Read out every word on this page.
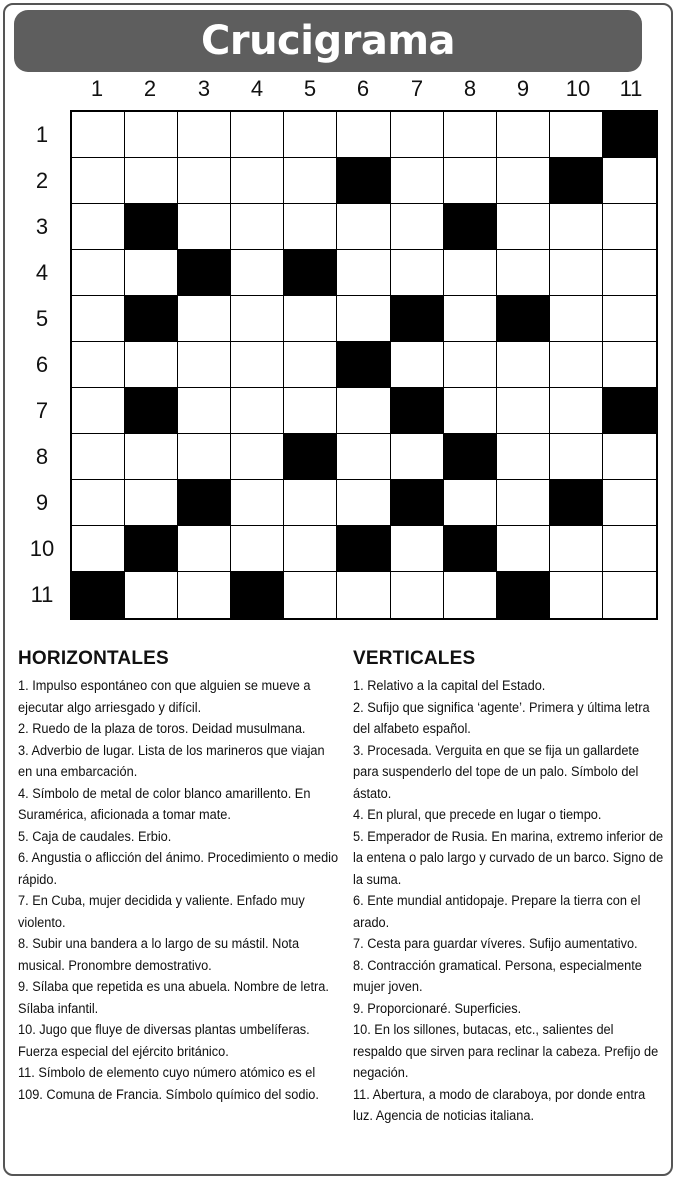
Crucigrama
1	2	3	4	5	6	7	8	9	10	11
1
2
3
4
5
6
7
8
9
10
11
HORIZONTALES

1. Impulso espontáneo con que alguien se mueve a ejecutar algo arriesgado y difícil.

2. Ruedo de la plaza de toros. Deidad musulmana.

3. Adverbio de lugar. Lista de los marineros que viajan en una embarcación.

4. Símbolo de metal de color blanco amarillento. En Suramérica, aficionada a tomar mate.

5. Caja de caudales. Erbio.

6. Angustia o aflicción del ánimo. Procedimiento o medio rápido.

7. En Cuba, mujer decidida y valiente. Enfado muy violento.

8. Subir una bandera a lo largo de su mástil. Nota musical. Pronombre demostrativo.

9. Sílaba que repetida es una abuela. Nombre de letra. Sílaba infantil.

10. Jugo que fluye de diversas plantas umbelíferas. Fuerza especial del ejército británico.

11. Símbolo de elemento cuyo número atómico es el 109. Comuna de Francia. Símbolo químico del sodio.

VERTICALES

1. Relativo a la capital del Estado.

2. Sufijo que significa ‘agente’. Primera y última letra del alfabeto español.

3. Procesada. Verguita en que se fija un gallardete para suspenderlo del tope de un palo. Símbolo del ástato.

4. En plural, que precede en lugar o tiempo.

5. Emperador de Rusia. En marina, extremo inferior de la entena o palo largo y curvado de un barco. Signo de la suma.

6. Ente mundial antidopaje. Prepare la tierra con el arado.

7. Cesta para guardar víveres. Sufijo aumentativo.

8. Contracción gramatical. Persona, especialmente mujer joven.

9. Proporcionaré. Superficies.

10. En los sillones, butacas, etc., salientes del respaldo que sirven para reclinar la cabeza. Prefijo de negación.

11. Abertura, a modo de claraboya, por donde entra luz. Agencia de noticias italiana.
